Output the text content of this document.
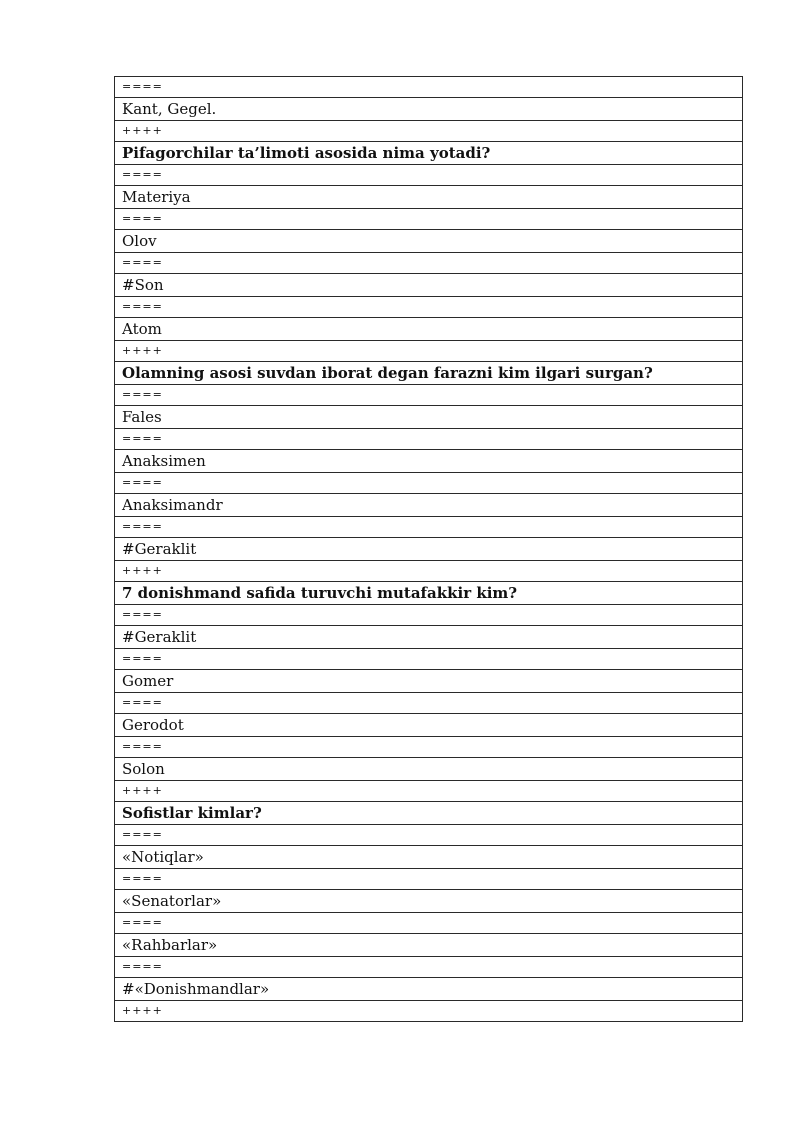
====
Kant, Gegel.
++++
Pifagorchilar ta’limoti asosida nima yotadi?
====
Materiya
====
Olov
====
#Son
====
Atom
++++
Olamning asosi suvdan iborat degan farazni kim ilgari surgan?
====
Fales
====
Anaksimen
====
Anaksimandr
====
#Geraklit
++++
7 donishmand safida turuvchi mutafakkir kim?
====
#Geraklit
====
Gomer
====
Gerodot
====
Solon
++++
Sofistlar kimlar?
====
«Notiqlar»
====
«Senatorlar»
====
«Rahbarlar»
====
#«Donishmandlar»
++++
